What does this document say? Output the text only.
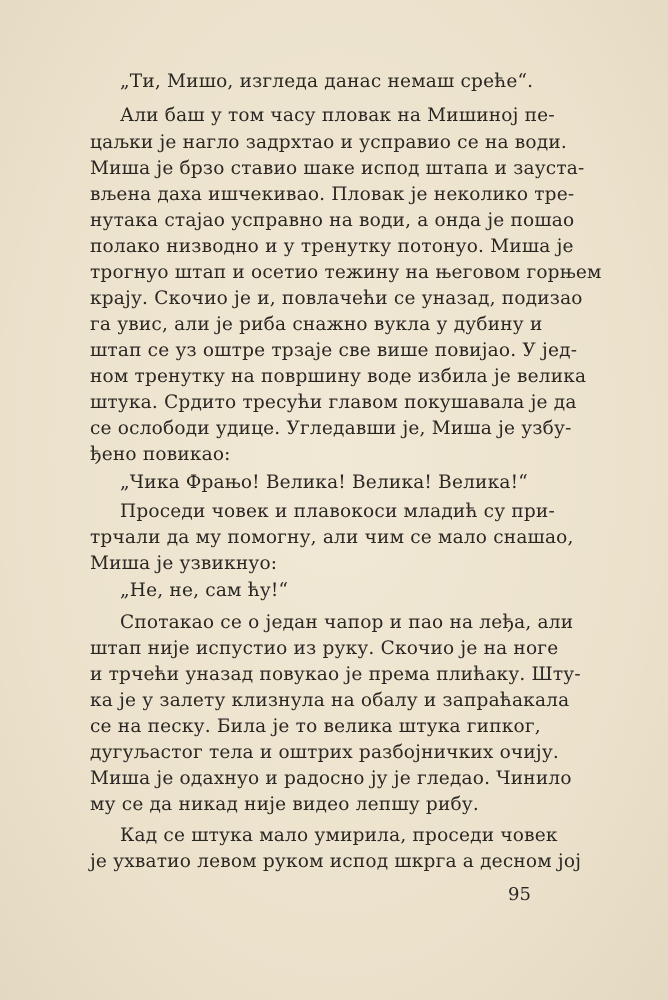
„Ти, Мишо, изгледа данас немаш среће“.
Али баш у том часу пловак на Мишиној пе-
цаљки је нагло задрхтао и усправио се на води.
Миша је брзо ставио шаке испод штапа и зауста-
вљена даха ишчекивао. Пловак је неколико тре-
нутака стајао усправно на води, а онда је пошао
полако низводно и у тренутку потонуо. Миша је
трогнуо штап и осетио тежину на његовом горњем
крају. Скочио је и, повлачећи се уназад, подизао
га увис, али је риба снажно вукла у дубину и
штап се уз оштре трзаје све више повијао. У јед-
ном тренутку на површину воде избила је велика
штука. Срдито тресући главом покушавала је да
се ослободи удице. Угледавши је, Миша је узбу-
ђено повикао:
„Чика Фрањо! Велика! Велика! Велика!“
Проседи човек и плавокоси младић су при-
трчали да му помогну, али чим се мало снашао,
Миша је узвикнуо:
„Не, не, сам ћу!“
Спотакао се о један чапор и пао на леђа, али
штап није испустио из руку. Скочио је на ноге
и трчећи уназад повукао је према плићаку. Шту-
ка је у залету клизнула на обалу и запраћакала
се на песку. Била је то велика штука гипког,
дугуљастог тела и оштрих разбојничких очију.
Миша је одахнуо и радосно ју је гледао. Чинило
му се да никад није видео лепшу рибу.
Кад се штука мало умирила, проседи човек
је ухватио левом руком испод шкрга а десном јој
95
